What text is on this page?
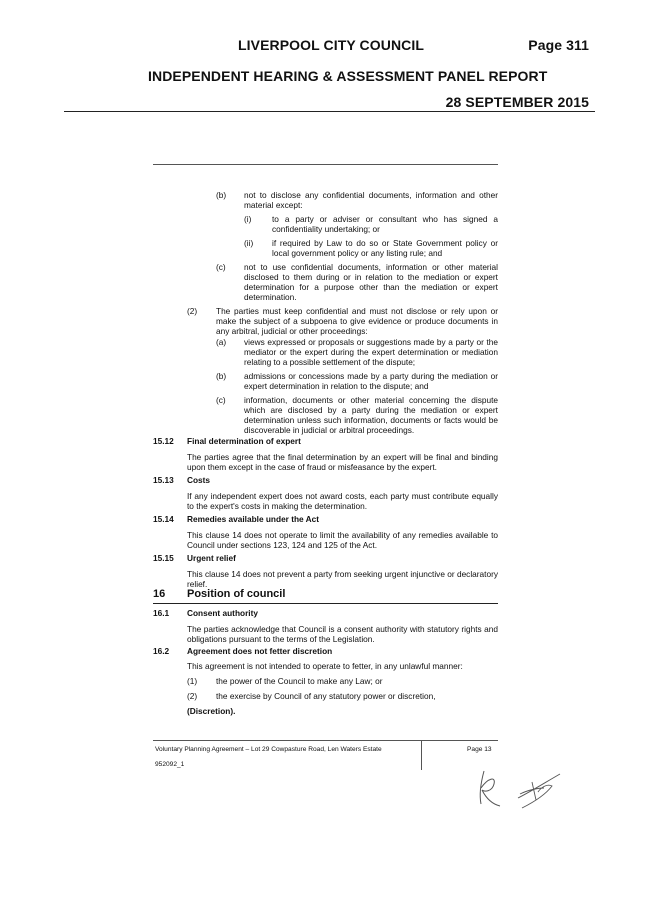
LIVERPOOL CITY COUNCIL	Page 311
INDEPENDENT HEARING & ASSESSMENT PANEL REPORT
28 SEPTEMBER 2015
(b) not to disclose any confidential documents, information and other material except:
(i) to a party or adviser or consultant who has signed a confidentiality undertaking; or
(ii) if required by Law to do so or State Government policy or local government policy or any listing rule; and
(c) not to use confidential documents, information or other material disclosed to them during or in relation to the mediation or expert determination for a purpose other than the mediation or expert determination.
(2) The parties must keep confidential and must not disclose or rely upon or make the subject of a subpoena to give evidence or produce documents in any arbitral, judicial or other proceedings:
(a) views expressed or proposals or suggestions made by a party or the mediator or the expert during the expert determination or mediation relating to a possible settlement of the dispute;
(b) admissions or concessions made by a party during the mediation or expert determination in relation to the dispute; and
(c) information, documents or other material concerning the dispute which are disclosed by a party during the mediation or expert determination unless such information, documents or facts would be discoverable in judicial or arbitral proceedings.
15.12 Final determination of expert
The parties agree that the final determination by an expert will be final and binding upon them except in the case of fraud or misfeasance by the expert.
15.13 Costs
If any independent expert does not award costs, each party must contribute equally to the expert's costs in making the determination.
15.14 Remedies available under the Act
This clause 14 does not operate to limit the availability of any remedies available to Council under sections 123, 124 and 125 of the Act.
15.15 Urgent relief
This clause 14 does not prevent a party from seeking urgent injunctive or declaratory relief.
16 Position of council
16.1 Consent authority
The parties acknowledge that Council is a consent authority with statutory rights and obligations pursuant to the terms of the Legislation.
16.2 Agreement does not fetter discretion
This agreement is not intended to operate to fetter, in any unlawful manner:
(1) the power of the Council to make any Law; or
(2) the exercise by Council of any statutory power or discretion,
(Discretion).
Voluntary Planning Agreement – Lot 29 Cowpasture Road, Len Waters Estate
952092_1
Page 13
